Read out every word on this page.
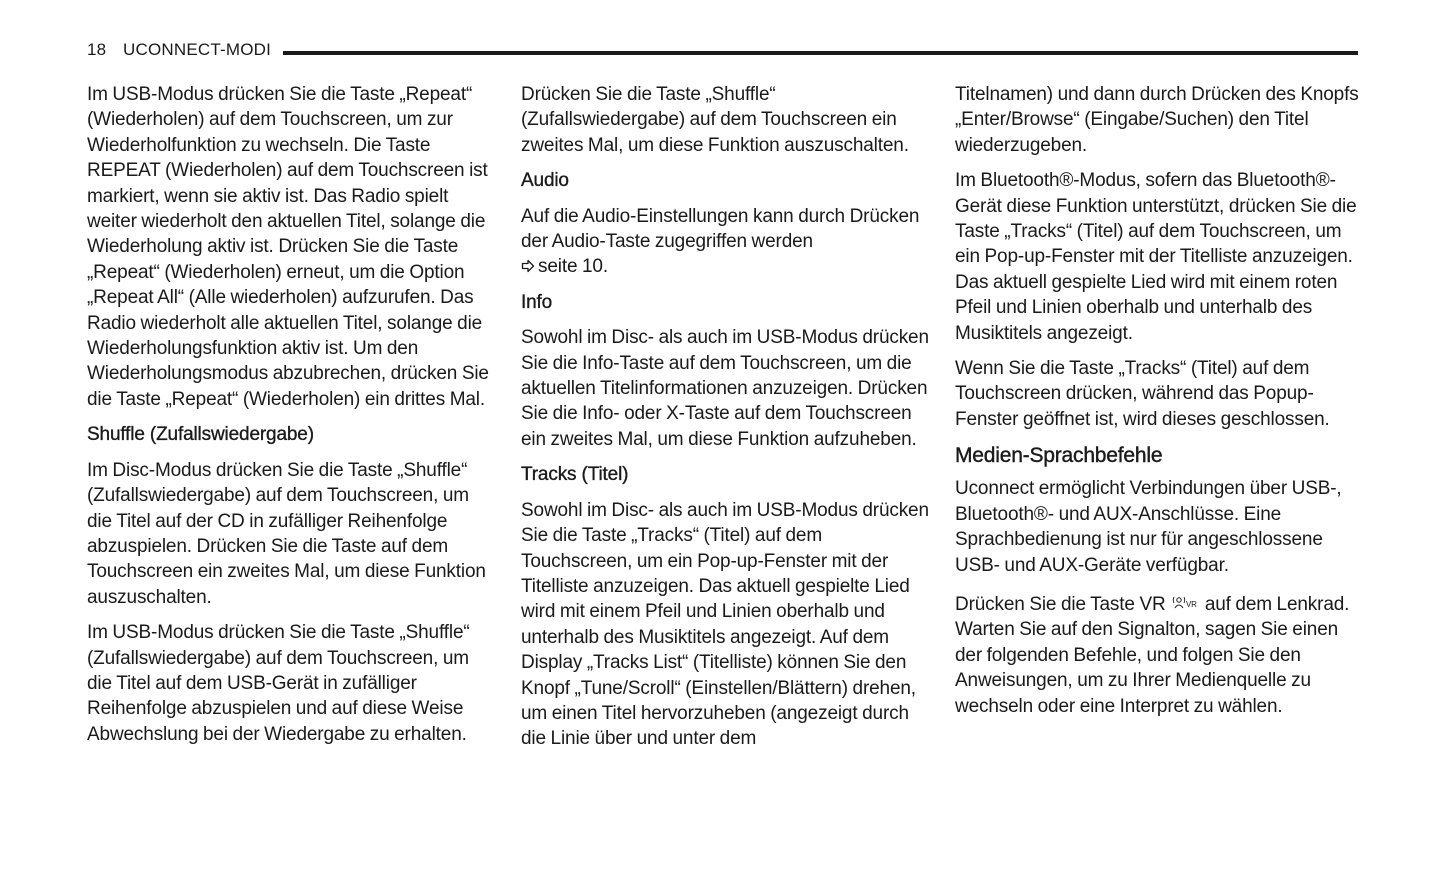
18 UCONNECT-MODI

Im USB-Modus drücken Sie die Taste „Repeat“ (Wiederholen) auf dem Touchscreen, um zur Wiederholfunktion zu wechseln. Die Taste REPEAT (Wiederholen) auf dem Touchscreen ist markiert, wenn sie aktiv ist. Das Radio spielt weiter wiederholt den aktuellen Titel, solange die Wiederholung aktiv ist. Drücken Sie die Taste „Repeat“ (Wiederholen) erneut, um die Option „Repeat All“ (Alle wiederholen) aufzurufen. Das Radio wiederholt alle aktuellen Titel, solange die Wiederholungsfunktion aktiv ist. Um den Wiederholungsmodus abzubrechen, drücken Sie die Taste „Repeat“ (Wiederholen) ein drittes Mal.

Shuffle (Zufallswiedergabe)

Im Disc-Modus drücken Sie die Taste „Shuffle“ (Zufallswiedergabe) auf dem Touchscreen, um die Titel auf der CD in zufälliger Reihenfolge abzuspielen. Drücken Sie die Taste auf dem Touchscreen ein zweites Mal, um diese Funktion auszuschalten.

Im USB-Modus drücken Sie die Taste „Shuffle“ (Zufallswiedergabe) auf dem Touchscreen, um die Titel auf dem USB-Gerät in zufälliger Reihenfolge abzuspielen und auf diese Weise Abwechslung bei der Wiedergabe zu erhalten.

Drücken Sie die Taste „Shuffle“ (Zufallswiedergabe) auf dem Touchscreen ein zweites Mal, um diese Funktion auszuschalten.

Audio

Auf die Audio-Einstellungen kann durch Drücken der Audio-Taste zugegriffen werden
seite 10.

Info

Sowohl im Disc- als auch im USB-Modus drücken Sie die Info-Taste auf dem Touchscreen, um die aktuellen Titelinformationen anzuzeigen. Drücken Sie die Info- oder X-Taste auf dem Touchscreen ein zweites Mal, um diese Funktion aufzuheben.

Tracks (Titel)

Sowohl im Disc- als auch im USB-Modus drücken Sie die Taste „Tracks“ (Titel) auf dem Touchscreen, um ein Pop-up-Fenster mit der Titelliste anzuzeigen. Das aktuell gespielte Lied wird mit einem Pfeil und Linien oberhalb und unterhalb des Musiktitels angezeigt. Auf dem Display „Tracks List“ (Titelliste) können Sie den Knopf „Tune/Scroll“ (Einstellen/Blättern) drehen, um einen Titel hervorzuheben (angezeigt durch die Linie über und unter dem

Titelnamen) und dann durch Drücken des Knopfs „Enter/Browse“ (Eingabe/Suchen) den Titel wiederzugeben.

Im Bluetooth®-Modus, sofern das Bluetooth®-Gerät diese Funktion unterstützt, drücken Sie die Taste „Tracks“ (Titel) auf dem Touchscreen, um ein Pop-up-Fenster mit der Titelliste anzuzeigen. Das aktuell gespielte Lied wird mit einem roten Pfeil und Linien oberhalb und unterhalb des Musiktitels angezeigt.

Wenn Sie die Taste „Tracks“ (Titel) auf dem Touchscreen drücken, während das Popup-Fenster geöffnet ist, wird dieses geschlossen.

Medien-Sprachbefehle

Uconnect ermöglicht Verbindungen über USB-, Bluetooth®- und AUX-Anschlüsse. Eine Sprachbedienung ist nur für angeschlossene USB- und AUX-Geräte verfügbar.

Drücken Sie die Taste VR	VR auf dem Lenkrad. Warten Sie auf den Signalton, sagen Sie einen der folgenden Befehle, und folgen Sie den Anweisungen, um zu Ihrer Medienquelle zu wechseln oder eine Interpret zu wählen.
